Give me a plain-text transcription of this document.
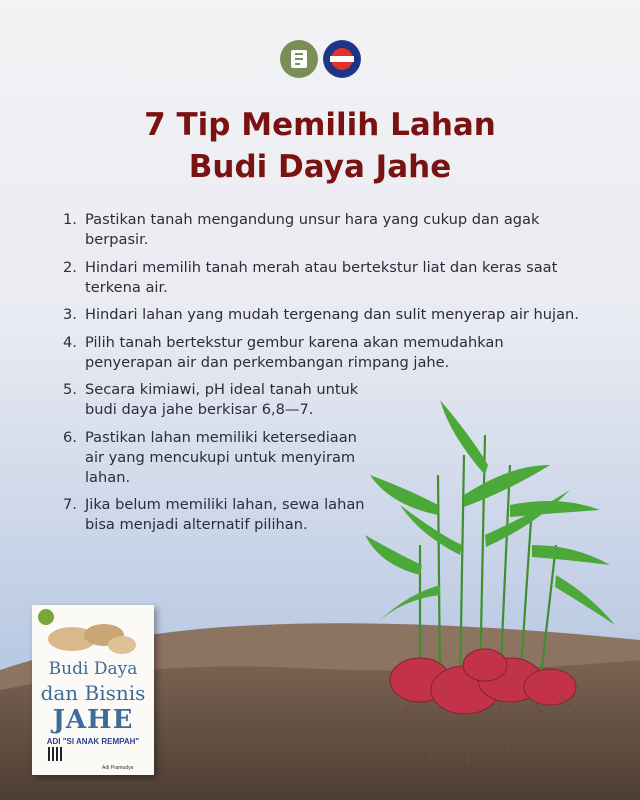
7 Tip Memilih Lahan
Budi Daya Jahe
1. Pastikan tanah mengandung unsur hara yang cukup dan agak berpasir.
2. Hindari memilih tanah merah atau bertekstur liat dan keras saat terkena air.
3. Hindari lahan yang mudah tergenang dan sulit menyerap air hujan.
4. Pilih tanah bertekstur gembur karena akan memudahkan penyerapan air dan perkembangan rimpang jahe.
5. Secara kimiawi, pH ideal tanah untuk budi daya jahe berkisar 6,8—7.
6. Pastikan lahan memiliki ketersediaan air yang mencukupi untuk menyiram lahan.
7. Jika belum memiliki lahan, sewa lahan bisa menjadi alternatif pilihan.
Budi Daya
dan Bisnis
JAHE
ADI "SI ANAK REMPAH"
Adi Pramudya
